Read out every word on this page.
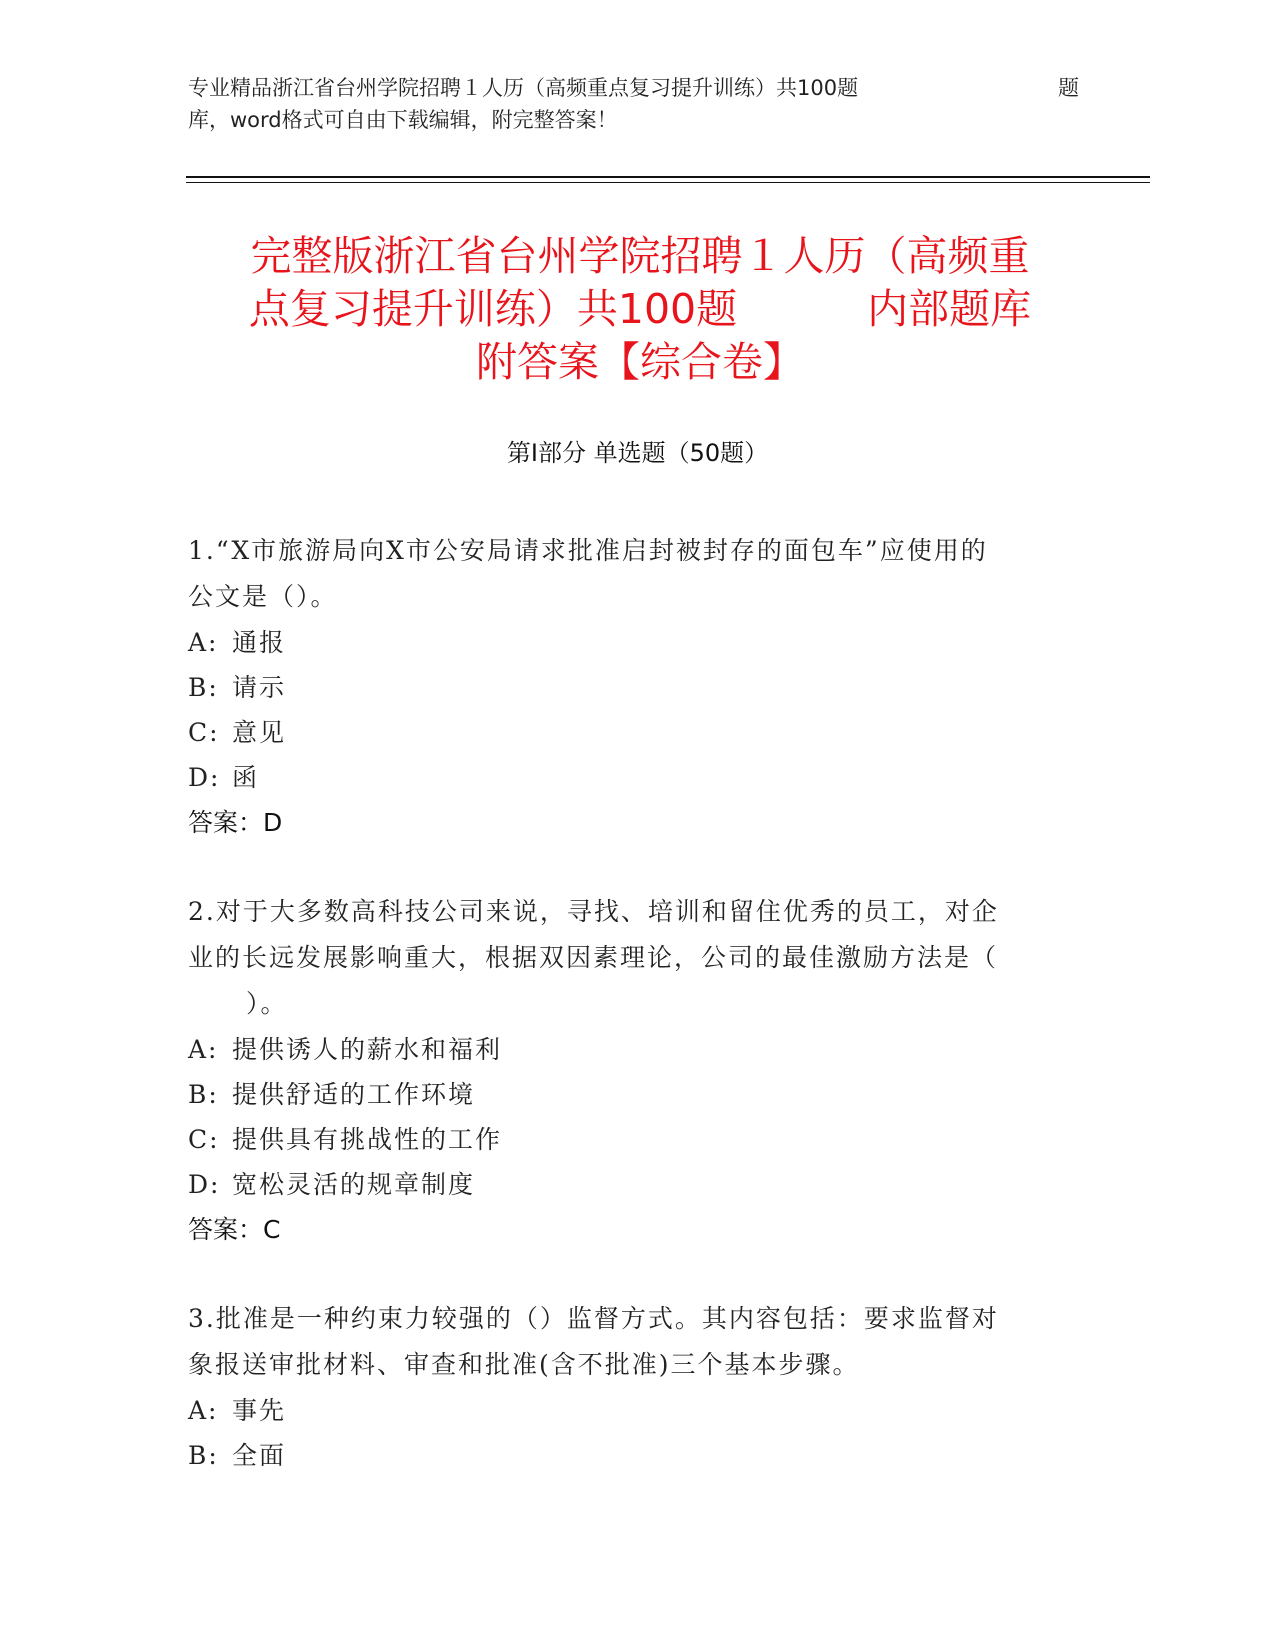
专业精品浙江省台州学院招聘１人历（高频重点复习提升训练）共100题	题
库，word格式可自由下载编辑，附完整答案！
完整版浙江省台州学院招聘１人历（高频重
点复习提升训练）共100题	内部题库
附答案【综合卷】
第Ⅰ部分 单选题（50题）

1.“X市旅游局向X市公安局请求批准启封被封存的面包车”应使用的

公文是（）。

A: 通报
B: 请示
C: 意见
D: 函
答案：D

2.对于大多数高科技公司来说，寻找、培训和留住优秀的员工，对企

业的长远发展影响重大，根据双因素理论，公司的最佳激励方法是（

）。

A: 提供诱人的薪水和福利
B: 提供舒适的工作环境
C: 提供具有挑战性的工作
D: 宽松灵活的规章制度
答案：C

3.批准是一种约束力较强的（）监督方式。其内容包括：要求监督对

象报送审批材料、审查和批准(含不批准)三个基本步骤。

A: 事先
B: 全面
